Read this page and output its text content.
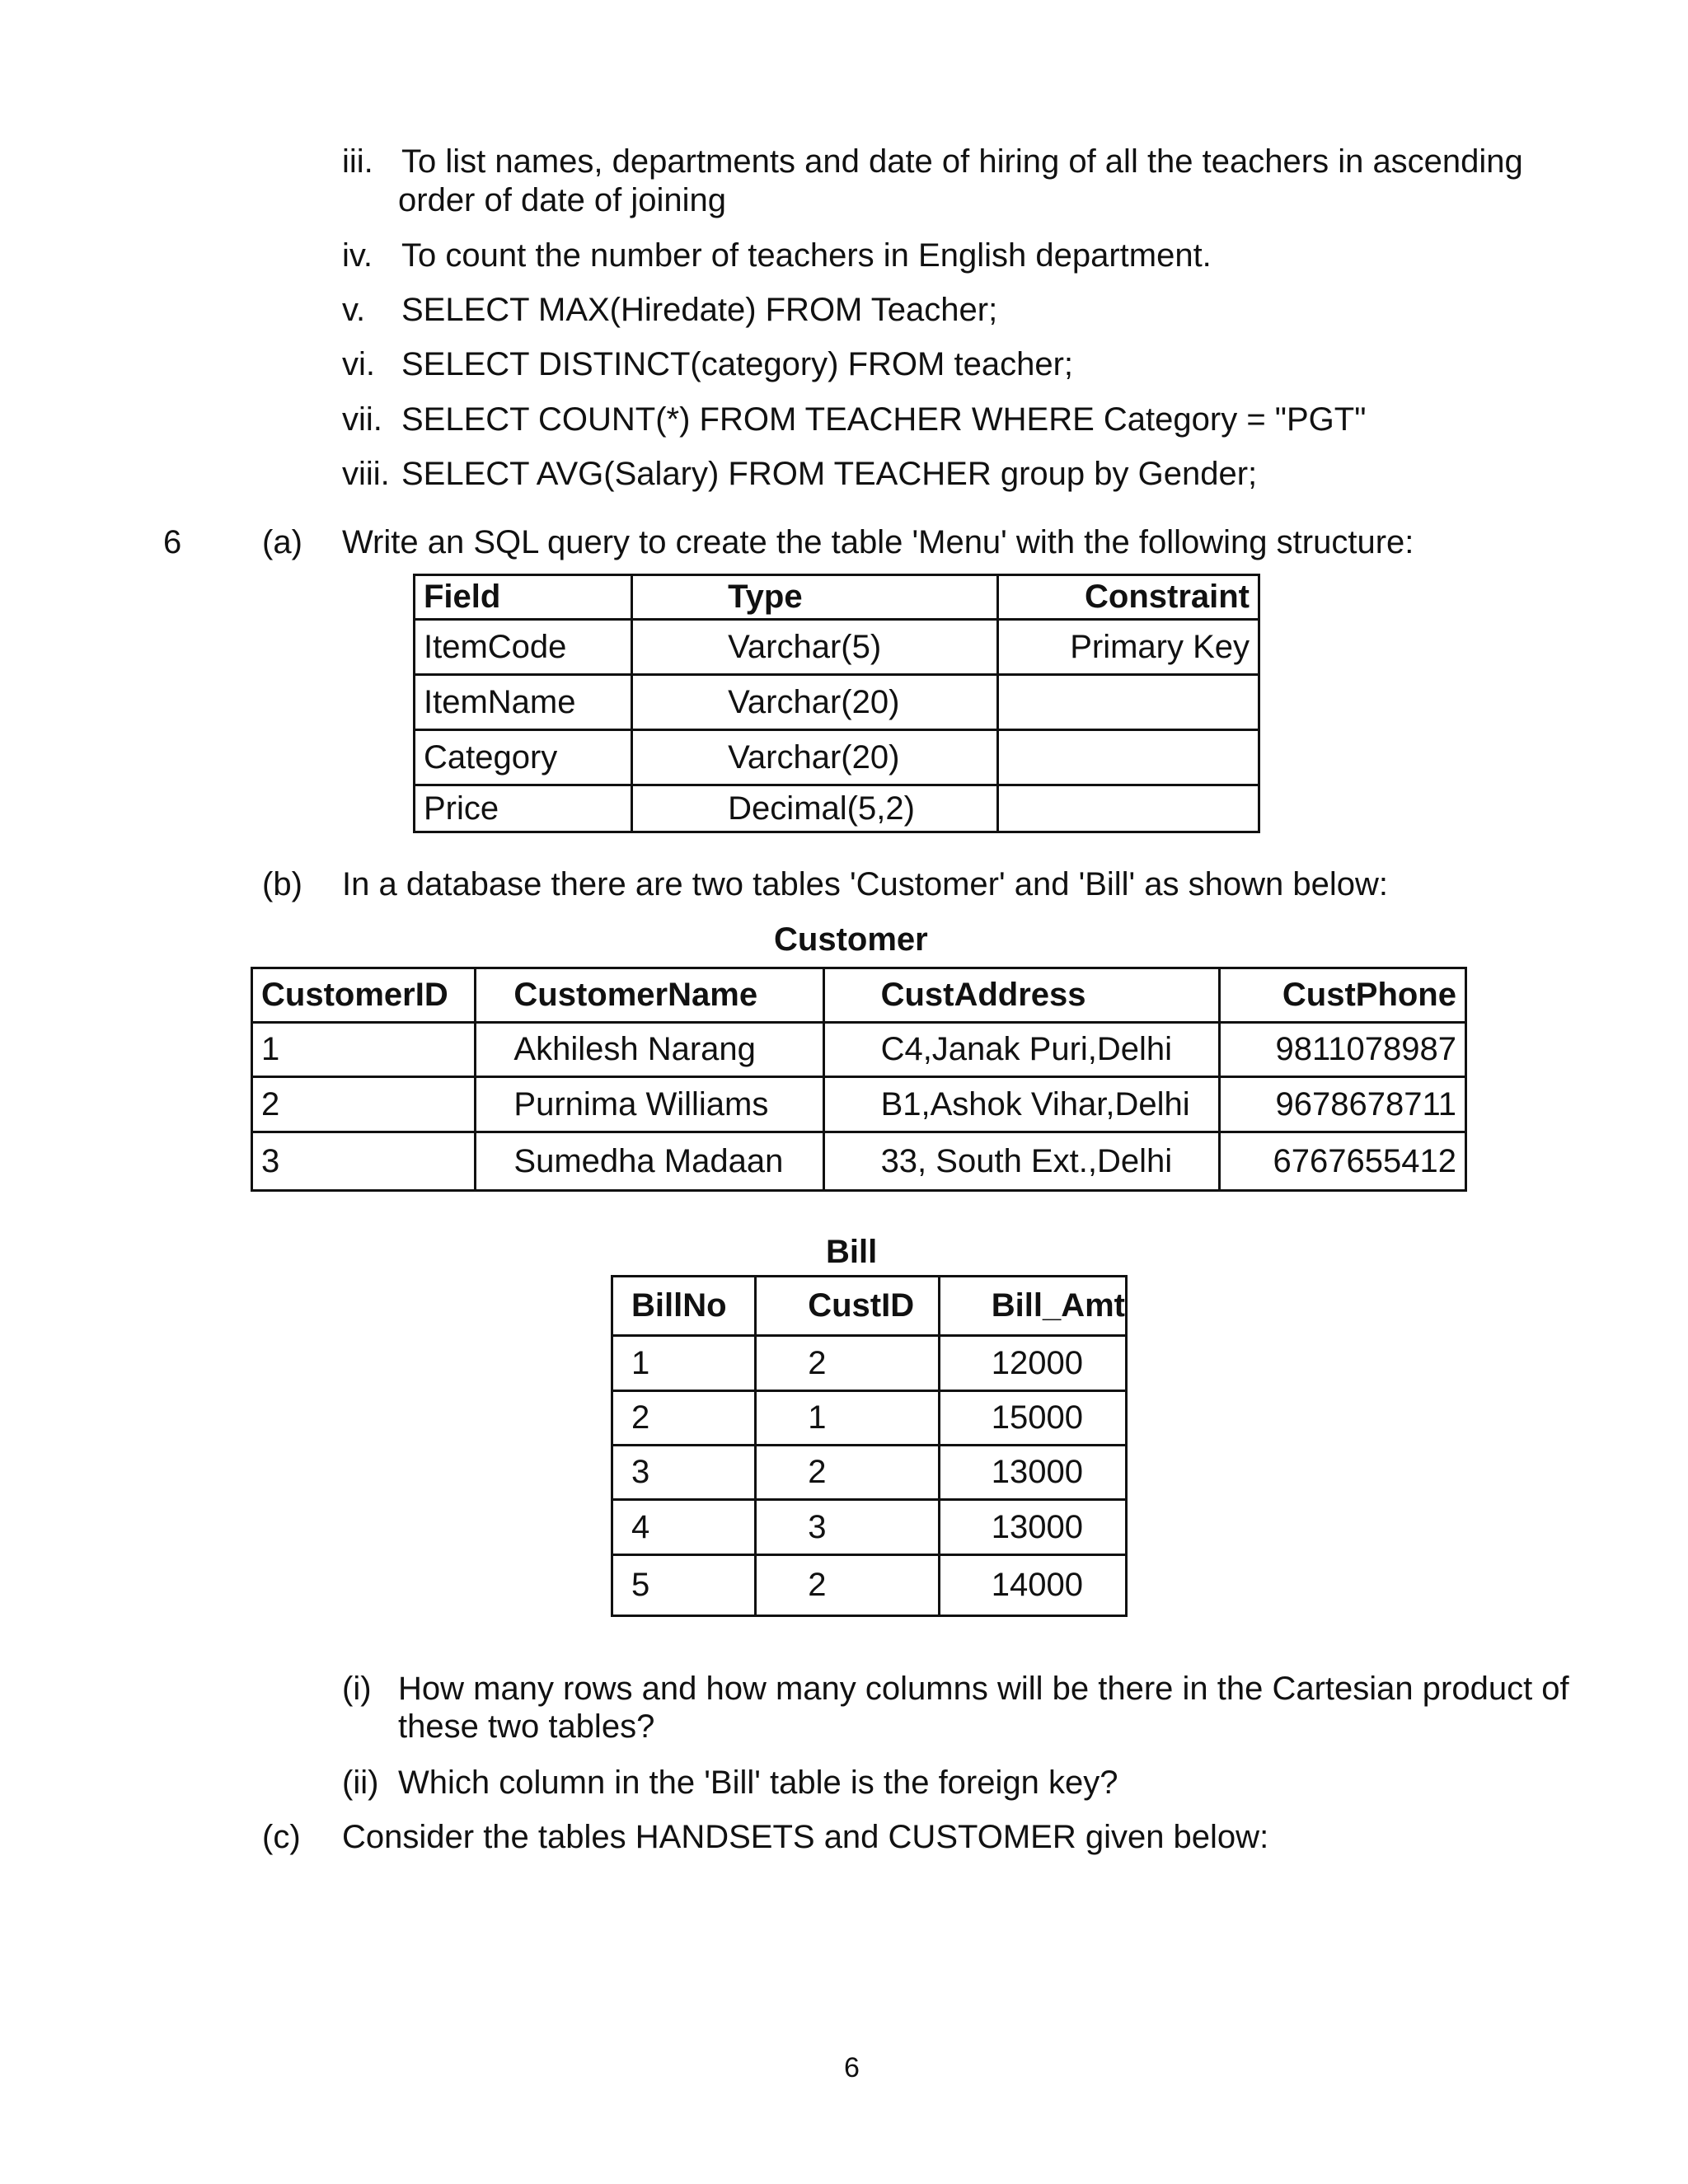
iii. To list names, departments and date of hiring of all the teachers in ascending
order of date of joining
iv. To count the number of teachers in English department.
v. SELECT MAX(Hiredate) FROM Teacher;
vi. SELECT DISTINCT(category) FROM teacher;
vii. SELECT COUNT(*) FROM TEACHER WHERE Category = "PGT"
viii. SELECT AVG(Salary) FROM TEACHER group by Gender;
6 (a) Write an SQL query to create the table 'Menu' with the following structure:
Field	Type	Constraint
ItemCode	Varchar(5)	Primary Key
ItemName	Varchar(20)	
Category	Varchar(20)	
Price	Decimal(5,2)	
(b) In a database there are two tables 'Customer' and 'Bill' as shown below:
Customer
CustomerID	CustomerName	CustAddress	CustPhone
1	Akhilesh Narang	C4,Janak Puri,Delhi	9811078987
2	Purnima Williams	B1,Ashok Vihar,Delhi	9678678711
3	Sumedha Madaan	33, South Ext.,Delhi	6767655412
Bill
BillNo	CustID	Bill_Amt
1	2	12000
2	1	15000
3	2	13000
4	3	13000
5	2	14000
(i) How many rows and how many columns will be there in the Cartesian product of
these two tables?
(ii) Which column in the 'Bill' table is the foreign key?
(c) Consider the tables HANDSETS and CUSTOMER given below:
6
